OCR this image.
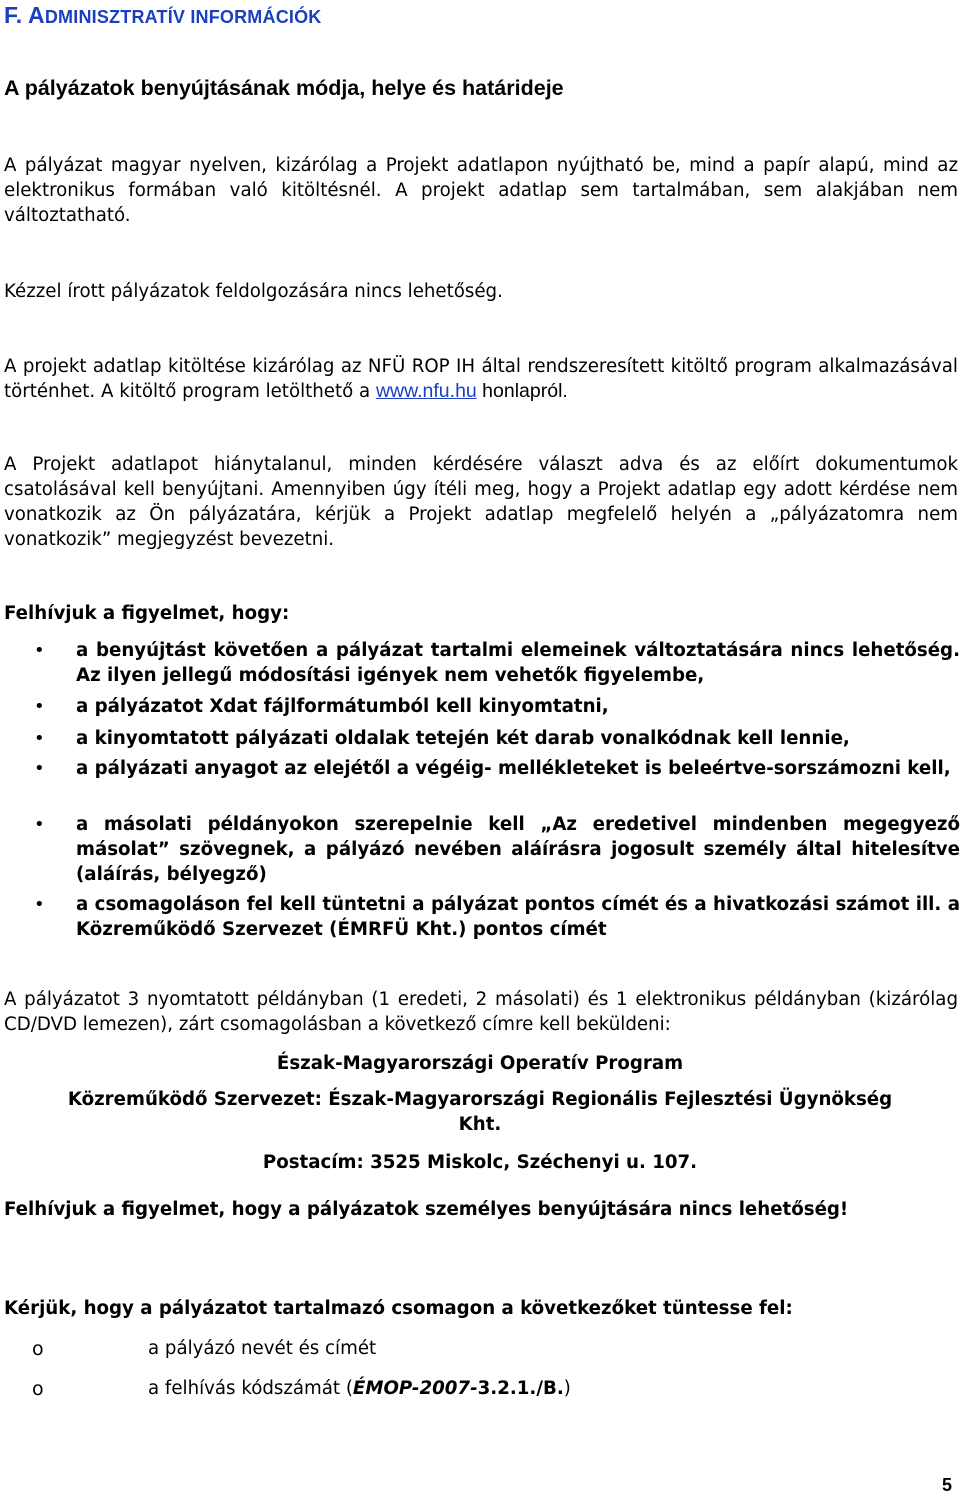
F. ADMINISZTRATÍV INFORMÁCIÓK
A pályázatok benyújtásának módja, helye és határideje

A pályázat magyar nyelven, kizárólag a Projekt adatlapon nyújtható be, mind a papír alapú, mind az elektronikus formában való kitöltésnél. A projekt adatlap sem tartalmában, sem alakjában nem változtatható.

Kézzel írott pályázatok feldolgozására nincs lehetőség.

A projekt adatlap kitöltése kizárólag az NFÜ ROP IH által rendszeresített kitöltő program alkalmazásával történhet. A kitöltő program letölthető a www.nfu.hu honlapról.

A Projekt adatlapot hiánytalanul, minden kérdésére választ adva és az előírt dokumentumok csatolásával kell benyújtani. Amennyiben úgy ítéli meg, hogy a Projekt adatlap egy adott kérdése nem vonatkozik az Ön pályázatára, kérjük a Projekt adatlap megfelelő helyén a „pályázatomra nem vonatkozik” megjegyzést bevezetni.

Felhívjuk a figyelmet, hogy:
• a benyújtást követően a pályázat tartalmi elemeinek változtatására nincs lehetőség. Az ilyen jellegű módosítási igények nem vehetők figyelembe,
• a pályázatot Xdat fájlformátumból kell kinyomtatni,
• a kinyomtatott pályázati oldalak tetején két darab vonalkódnak kell lennie,
• a pályázati anyagot az elejétől a végéig- mellékleteket is beleértve-sorszámozni kell,
• a másolati példányokon szerepelnie kell „Az eredetivel mindenben megegyező másolat” szövegnek, a pályázó nevében aláírásra jogosult személy által hitelesítve (aláírás, bélyegző)
• a csomagoláson fel kell tüntetni a pályázat pontos címét és a hivatkozási számot ill. a Közreműködő Szervezet (ÉMRFÜ Kht.) pontos címét

A pályázatot 3 nyomtatott példányban (1 eredeti, 2 másolati) és 1 elektronikus példányban (kizárólag CD/DVD lemezen), zárt csomagolásban a következő címre kell beküldeni:

Észak-Magyarországi Operatív Program
Közreműködő Szervezet: Észak-Magyarországi Regionális Fejlesztési Ügynökség
Kht.
Postacím: 3525 Miskolc, Széchenyi u. 107.
Felhívjuk a figyelmet, hogy a pályázatok személyes benyújtására nincs lehetőség!
Kérjük, hogy a pályázatot tartalmazó csomagon a következőket tüntesse fel:
o	a pályázó nevét és címét
o	a felhívás kódszámát (ÉMOP-2007-3.2.1./B.)
5
